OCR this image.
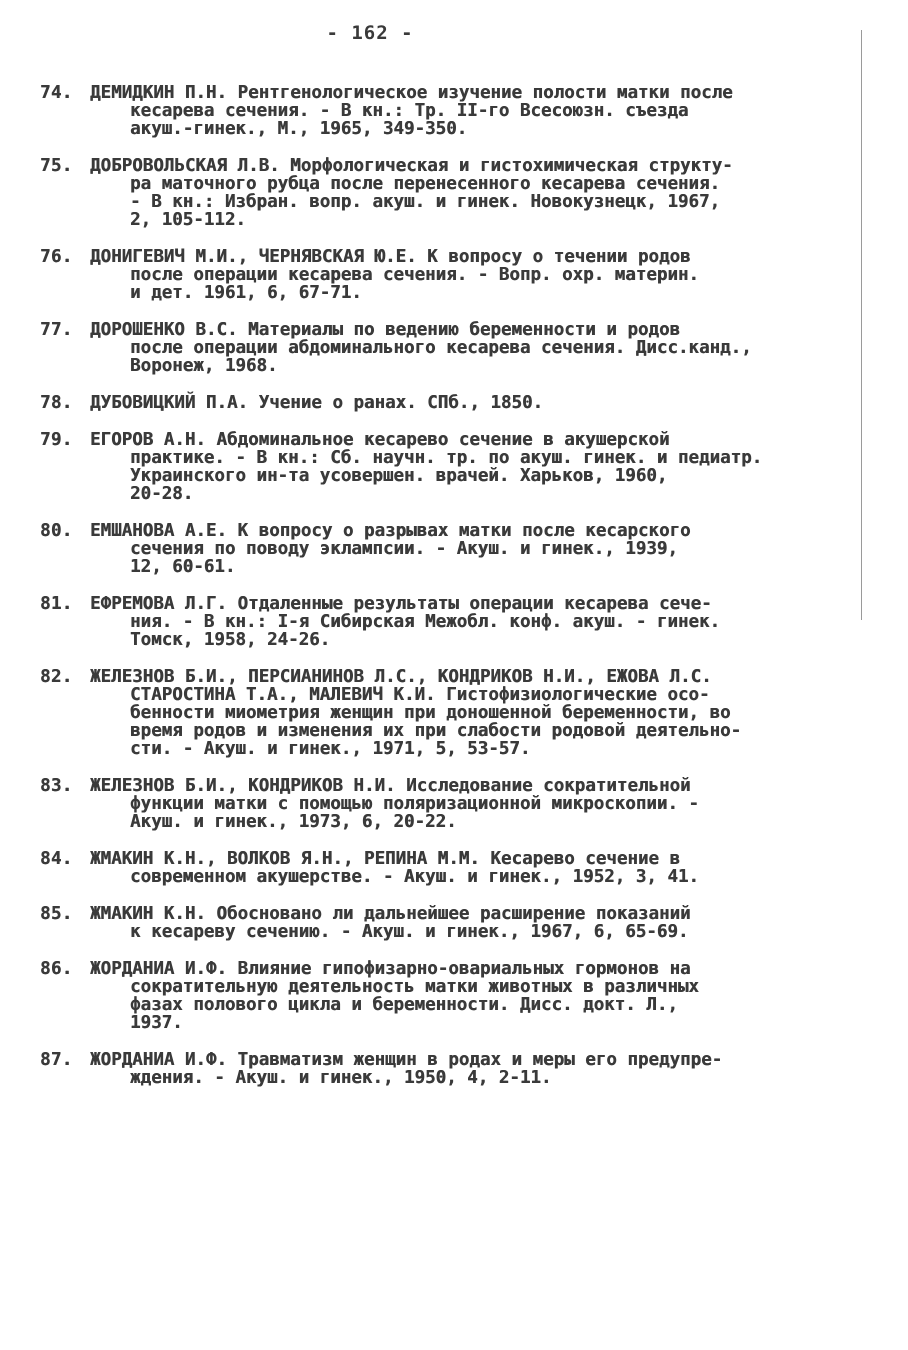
- 162 -
74. ДЕМИДКИН П.Н. Рентгенологическое изучение полости матки после
кесарева сечения. - В кн.: Тр. II-го Всесоюзн. съезда
акуш.-гинек., М., 1965, 349-350.
75. ДОБРОВОЛЬСКАЯ Л.В. Морфологическая и гистохимическая структу-
ра маточного рубца после перенесенного кесарева сечения.
- В кн.: Избран. вопр. акуш. и гинек. Новокузнецк, 1967,
2, 105-112.
76. ДОНИГЕВИЧ М.И., ЧЕРНЯВСКАЯ Ю.Е. К вопросу о течении родов
после операции кесарева сечения. - Вопр. охр. материн.
и дет. 1961, 6, 67-71.
77. ДОРОШЕНКО В.С. Материалы по ведению беременности и родов
после операции абдоминального кесарева сечения. Дисс.канд.,
Воронеж, 1968.
78. ДУБОВИЦКИЙ П.А. Учение о ранах. СПб., 1850.
79. ЕГОРОВ А.Н. Абдоминальное кесарево сечение в акушерской
практике. - В кн.: Сб. научн. тр. по акуш. гинек. и педиатр.
Украинского ин-та усовершен. врачей. Харьков, 1960,
20-28.
80. ЕМШАНОВА А.Е. К вопросу о разрывах матки после кесарского
сечения по поводу эклампсии. - Акуш. и гинек., 1939,
12, 60-61.
81. ЕФРЕМОВА Л.Г. Отдаленные результаты операции кесарева сече-
ния. - В кн.: I-я Сибирская Межобл. конф. акуш. - гинек.
Томск, 1958, 24-26.
82. ЖЕЛЕЗНОВ Б.И., ПЕРСИАНИНОВ Л.С., КОНДРИКОВ Н.И., ЕЖОВА Л.С.
СТАРОСТИНА Т.А., МАЛЕВИЧ К.И. Гистофизиологические осо-
бенности миометрия женщин при доношенной беременности, во
время родов и изменения их при слабости родовой деятельно-
сти. - Акуш. и гинек., 1971, 5, 53-57.
83. ЖЕЛЕЗНОВ Б.И., КОНДРИКОВ Н.И. Исследование сократительной
функции матки с помощью поляризационной микроскопии. -
Акуш. и гинек., 1973, 6, 20-22.
84. ЖМАКИН К.Н., ВОЛКОВ Я.Н., РЕПИНА М.М. Кесарево сечение в
современном акушерстве. - Акуш. и гинек., 1952, 3, 41.
85. ЖМАКИН К.Н. Обосновано ли дальнейшее расширение показаний
к кесареву сечению. - Акуш. и гинек., 1967, 6, 65-69.
86. ЖОРДАНИА И.Ф. Влияние гипофизарно-овариальных гормонов на
сократительную деятельность матки животных в различных
фазах полового цикла и беременности. Дисс. докт. Л.,
1937.
87. ЖОРДАНИА И.Ф. Травматизм женщин в родах и меры его предупре-
ждения. - Акуш. и гинек., 1950, 4, 2-11.
